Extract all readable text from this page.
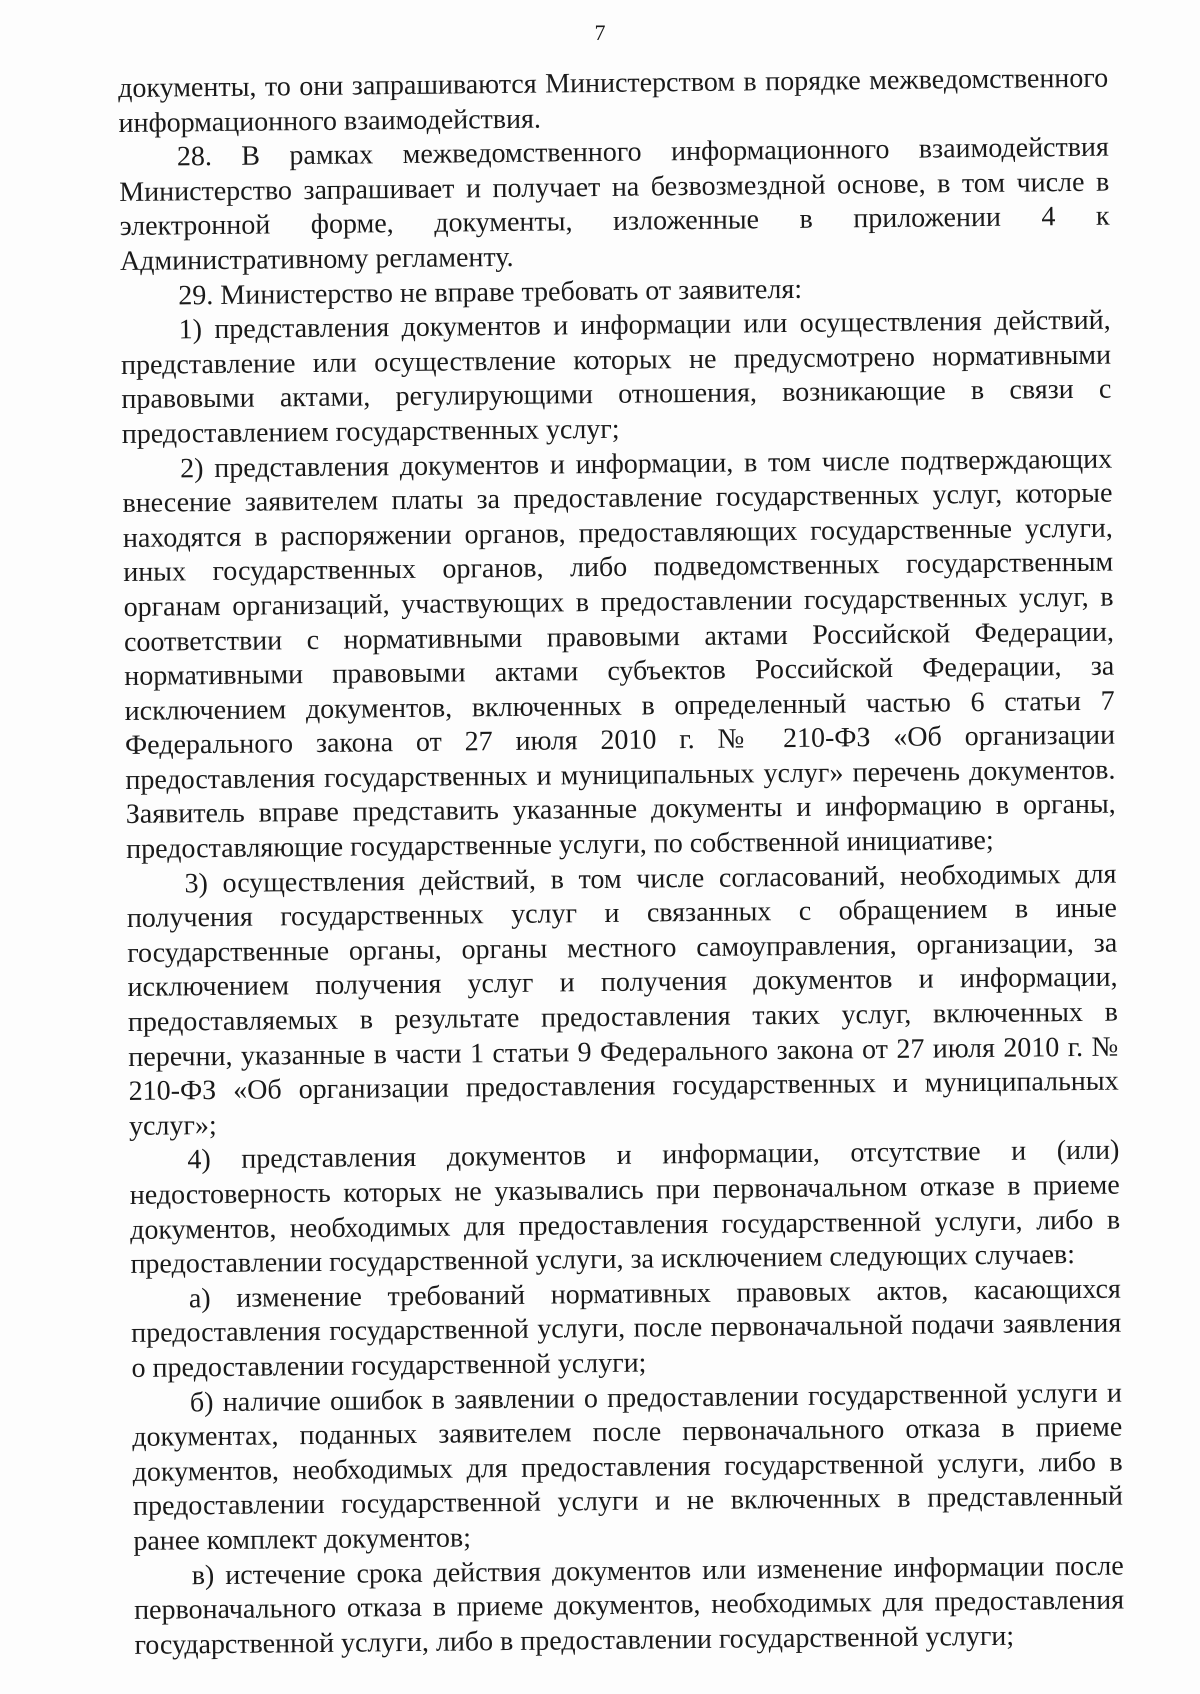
7

документы, то они запрашиваются Министерством в порядке межведомственного информационного взаимодействия.

28. В рамках межведомственного информационного взаимодействия Министерство запрашивает и получает на безвозмездной основе, в том числе в электронной форме, документы, изложенные в приложении 4 к Административному регламенту.

29. Министерство не вправе требовать от заявителя:

1) представления документов и информации или осуществления действий, представление или осуществление которых не предусмотрено нормативными правовыми актами, регулирующими отношения, возникающие в связи с предоставлением государственных услуг;

2) представления документов и информации, в том числе подтверждающих внесение заявителем платы за предоставление государственных услуг, которые находятся в распоряжении органов, предоставляющих государственные услуги, иных государственных органов, либо подведомственных государственным органам организаций, участвующих в предоставлении государственных услуг, в соответствии с нормативными правовыми актами Российской Федерации, нормативными правовыми актами субъектов Российской Федерации, за исключением документов, включенных в определенный частью 6 статьи 7 Федерального закона от 27 июля 2010 г. № 210-ФЗ «Об организации предоставления государственных и муниципальных услуг» перечень документов. Заявитель вправе представить указанные документы и информацию в органы, предоставляющие государственные услуги, по собственной инициативе;

3) осуществления действий, в том числе согласований, необходимых для получения государственных услуг и связанных с обращением в иные государственные органы, органы местного самоуправления, организации, за исключением получения услуг и получения документов и информации, предоставляемых в результате предоставления таких услуг, включенных в перечни, указанные в части 1 статьи 9 Федерального закона от 27 июля 2010 г. № 210-ФЗ «Об организации предоставления государственных и муниципальных услуг»;

4) представления документов и информации, отсутствие и (или) недостоверность которых не указывались при первоначальном отказе в приеме документов, необходимых для предоставления государственной услуги, либо в предоставлении государственной услуги, за исключением следующих случаев:

а) изменение требований нормативных правовых актов, касающихся предоставления государственной услуги, после первоначальной подачи заявления о предоставлении государственной услуги;

б) наличие ошибок в заявлении о предоставлении государственной услуги и документах, поданных заявителем после первоначального отказа в приеме документов, необходимых для предоставления государственной услуги, либо в предоставлении государственной услуги и не включенных в представленный ранее комплект документов;

в) истечение срока действия документов или изменение информации после первоначального отказа в приеме документов, необходимых для предоставления государственной услуги, либо в предоставлении государственной услуги;
